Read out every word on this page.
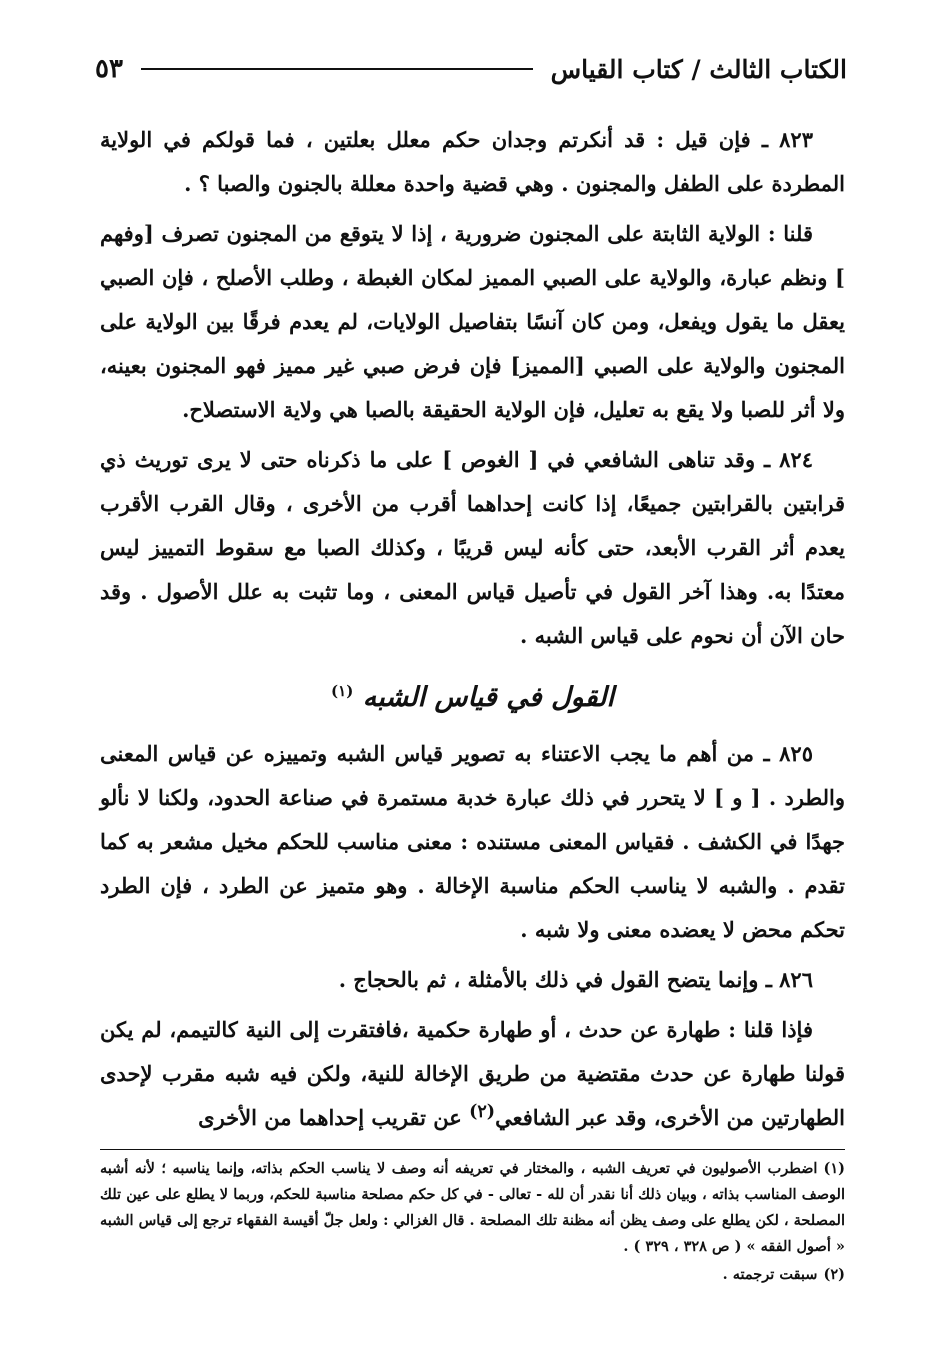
الكتاب الثالث / كتاب القياس
٥٣

٨٢٣ ـ فإن قيل : قد أنكرتم وجدان حكم معلل بعلتين ، فما قولكم في الولاية المطردة على الطفل والمجنون . وهي قضية واحدة معللة بالجنون والصبا ؟ .

قلنا : الولاية الثابتة على المجنون ضرورية ، إذا لا يتوقع من المجنون تصرف [وفهم ] ونظم عبارة، والولاية على الصبي المميز لمكان الغبطة ، وطلب الأصلح ، فإن الصبي يعقل ما يقول ويفعل، ومن كان آنسًا بتفاصيل الولايات، لم يعدم فرقًا بين الولاية على المجنون والولاية على الصبي [المميز] فإن فرض صبي غير مميز فهو المجنون بعينه، ولا أثر للصبا ولا يقع به تعليل، فإن الولاية الحقيقة بالصبا هي ولاية الاستصلاح.

٨٢٤ ـ وقد تناهى الشافعي في [ الغوص ] على ما ذكرناه حتى لا يرى توريث ذي قرابتين بالقرابتين جميعًا، إذا كانت إحداهما أقرب من الأخرى ، وقال القرب الأقرب يعدم أثر القرب الأبعد، حتى كأنه ليس قريبًا ، وكذلك الصبا مع سقوط التمييز ليس معتدًا به. وهذا آخر القول في تأصيل قياس المعنى ، وما تثبت به علل الأصول . وقد حان الآن أن نحوم على قياس الشبه .

القول في قياس الشبه $^{(١)}$

٨٢٥ ـ من أهم ما يجب الاعتناء به تصوير قياس الشبه وتمييزه عن قياس المعنى والطرد . [ و ] لا يتحرر في ذلك عبارة خدبة مستمرة في صناعة الحدود، ولكنا لا نألو جهدًا في الكشف . فقياس المعنى مستنده : معنى مناسب للحكم مخيل مشعر به كما تقدم . والشبه لا يناسب الحكم مناسبة الإخالة . وهو متميز عن الطرد ، فإن الطرد تحكم محض لا يعضده معنى ولا شبه .

٨٢٦ ـ وإنما يتضح القول في ذلك بالأمثلة ، ثم بالحجاج .

فإذا قلنا : طهارة عن حدث ، أو طهارة حكمية ،فافتقرت إلى النية كالتيمم، لم يكن قولنا طهارة عن حدث مقتضية من طريق الإخالة للنية، ولكن فيه شبه مقرب لإحدى الطهارتين من الأخرى، وقد عبر الشافعي$^{(٢)}$ عن تقريب إحداهما من الأخرى

(١)اضطرب الأصوليون في تعريف الشبه ، والمختار في تعريفه أنه وصف لا يناسب الحكم بذاته، وإنما يناسبه ؛ لأنه أشبه الوصف المناسب بذاته ، وبيان ذلك أنا نقدر أن لله - تعالى - في كل حكم مصلحة مناسبة للحكم، وربما لا يطلع على عين تلك المصلحة ، لكن يطلع على وصف يظن أنه مظنة تلك المصلحة . قال الغزالي : ولعل جلّ أقيسة الفقهاء ترجع إلى قياس الشبه « أصول الفقه » ( ص ٣٢٨ ، ٣٢٩ ) .

(٢)سبقت ترجمته .
